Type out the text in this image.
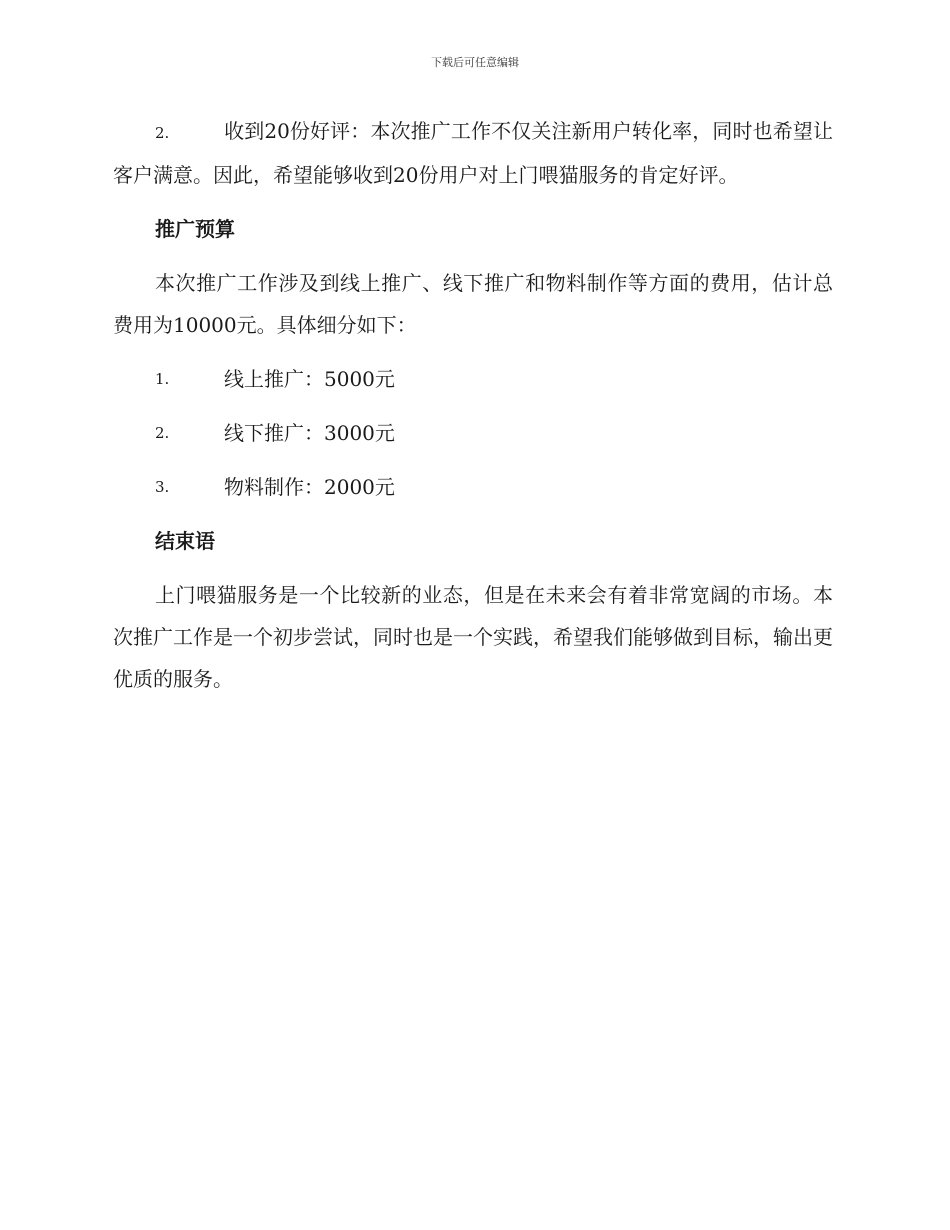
下载后可任意编辑
2.	收到20份好评：本次推广工作不仅关注新用户转化率，同时也希望让客户满意。因此，希望能够收到20份用户对上门喂猫服务的肯定好评。
推广预算

本次推广工作涉及到线上推广、线下推广和物料制作等方面的费用，估计总费用为10000元。具体细分如下：

1.	线上推广：5000元
2.	线下推广：3000元
3.	物料制作：2000元
结束语

上门喂猫服务是一个比较新的业态，但是在未来会有着非常宽阔的市场。本次推广工作是一个初步尝试，同时也是一个实践，希望我们能够做到目标，输出更优质的服务。
